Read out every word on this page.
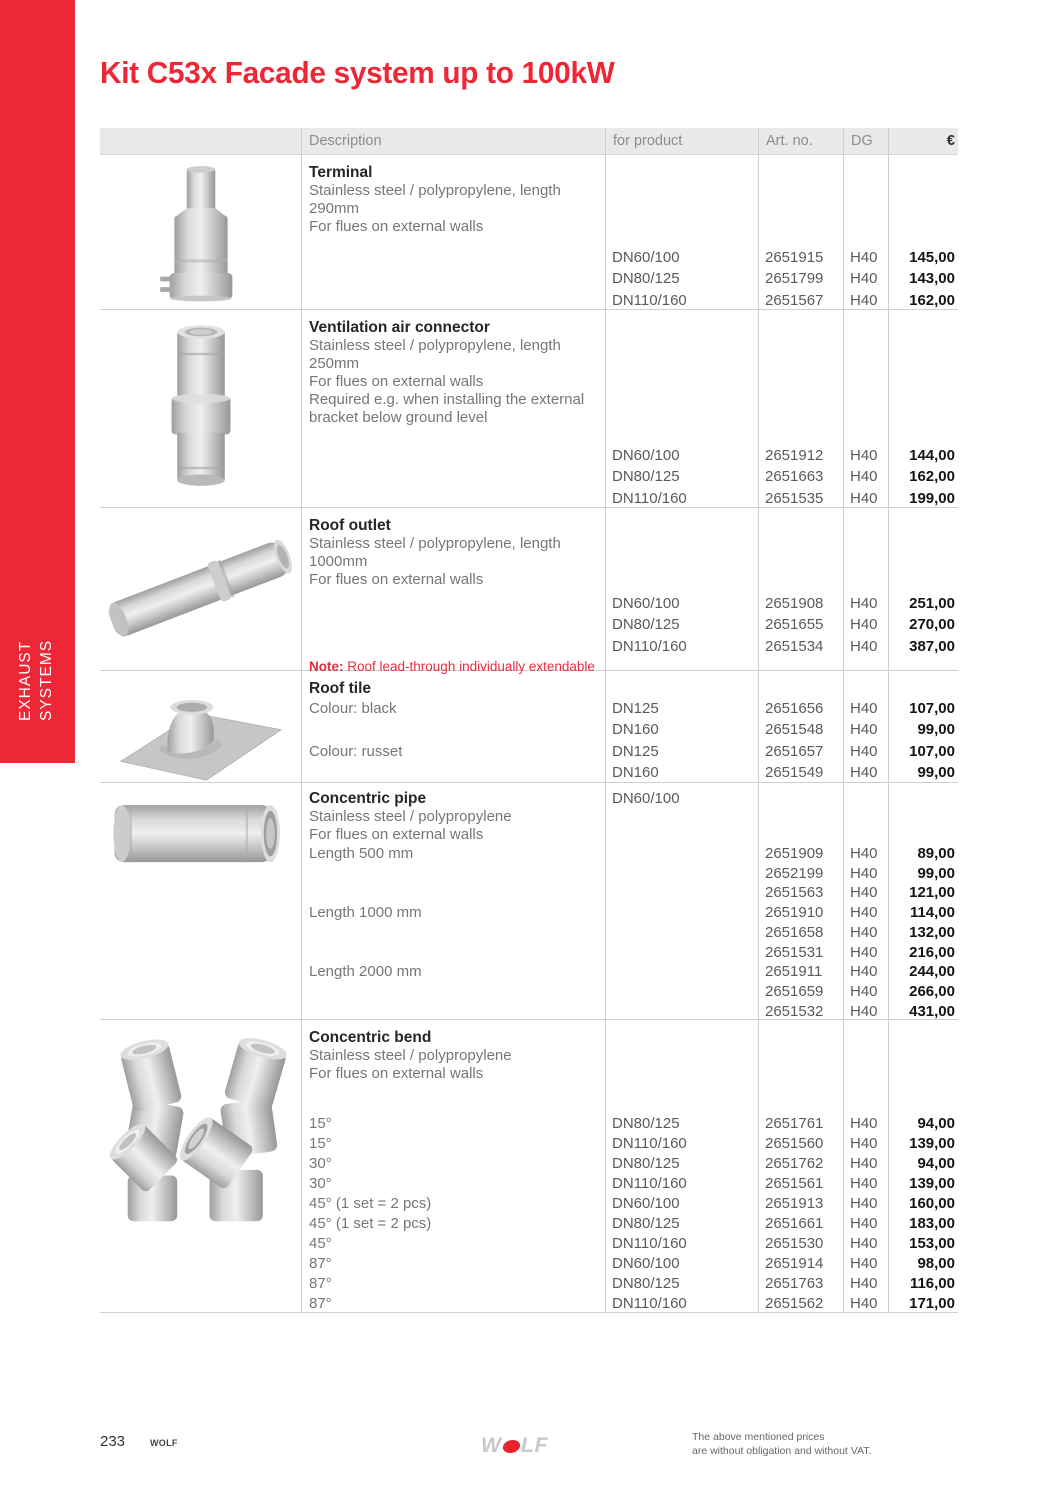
EXHAUST SYSTEMS
Kit C53x Facade system up to 100kW
Description	for product	Art. no.	DG	€
Terminal
Stainless steel / polypropylene, length
290mm
For flues on external walls
DN60/100	2651915	H40	145,00
DN80/125	2651799	H40	143,00
DN110/160	2651567	H40	162,00
Ventilation air connector
Stainless steel / polypropylene, length
250mm
For flues on external walls
Required e.g. when installing the external
bracket below ground level
DN60/100	2651912	H40	144,00
DN80/125	2651663	H40	162,00
DN110/160	2651535	H40	199,00
Roof outlet
Stainless steel / polypropylene, length
1000mm
For flues on external walls
DN60/100	2651908	H40	251,00
DN80/125	2651655	H40	270,00
DN110/160	2651534	H40	387,00
Note: Roof lead-through individually extendable
Roof tile
Colour: black	DN125	2651656	H40	107,00
DN160	2651548	H40	99,00
Colour: russet	DN125	2651657	H40	107,00
DN160	2651549	H40	99,00
Concentric pipe	DN60/100
Stainless steel / polypropylene
For flues on external walls
Length 500 mm	2651909	H40	89,00
2652199	H40	99,00
2651563	H40	121,00
Length 1000 mm	2651910	H40	114,00
2651658	H40	132,00
2651531	H40	216,00
Length 2000 mm	2651911	H40	244,00
2651659	H40	266,00
2651532	H40	431,00
Concentric bend
Stainless steel / polypropylene
For flues on external walls
15°	DN80/125	2651761	H40	94,00
15°	DN110/160	2651560	H40	139,00
30°	DN80/125	2651762	H40	94,00
30°	DN110/160	2651561	H40	139,00
45° (1 set = 2 pcs)	DN60/100	2651913	H40	160,00
45° (1 set = 2 pcs)	DN80/125	2651661	H40	183,00
45°	DN110/160	2651530	H40	153,00
87°	DN60/100	2651914	H40	98,00
87°	DN80/125	2651763	H40	116,00
87°	DN110/160	2651562	H40	171,00
233	WOLF	W LF	The above mentioned prices
are without obligation and without VAT.
